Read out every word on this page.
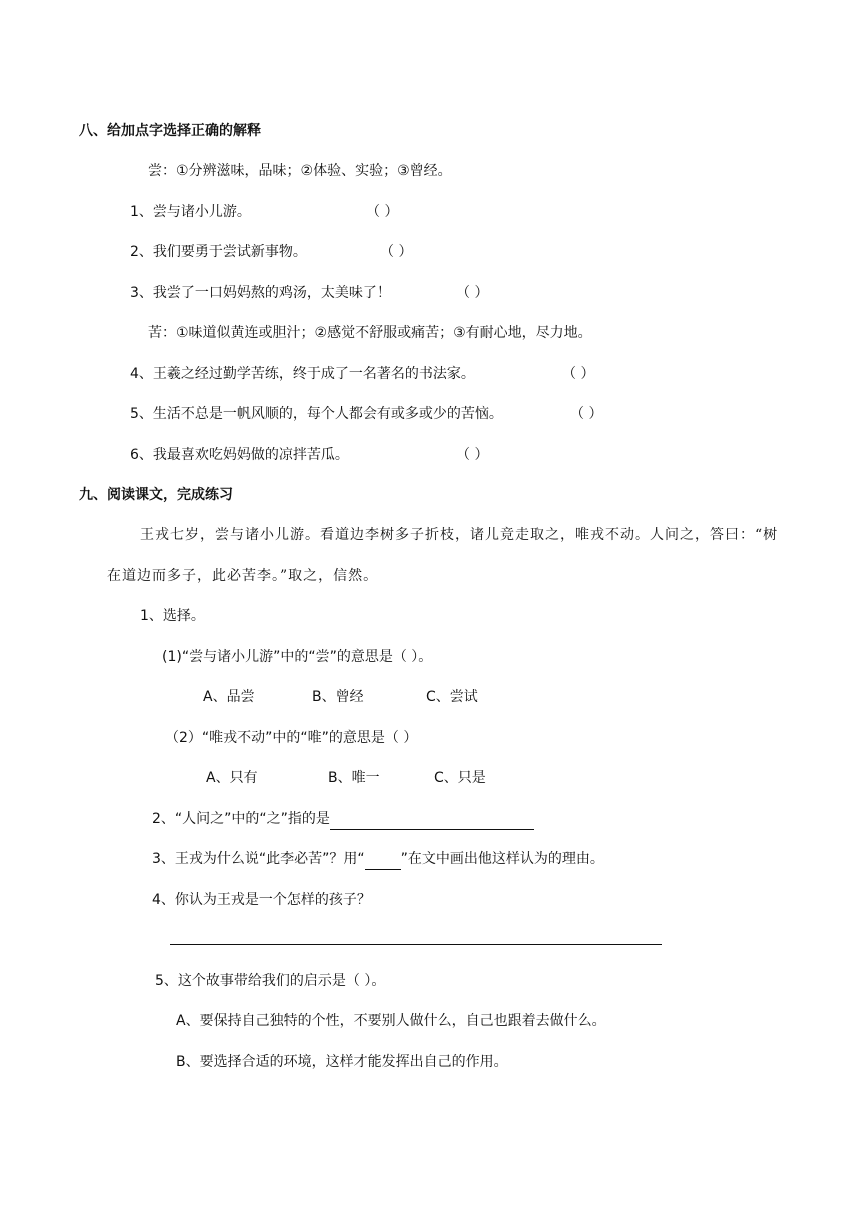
八、给加点字选择正确的解释
尝：①分辨滋味，品味；②体验、实验；③曾经。
1、尝与诸小儿游。	（ ）
2、我们要勇于尝试新事物。	（ ）
3、我尝了一口妈妈熬的鸡汤，太美味了！	（ ）
苦：①味道似黄连或胆汁；②感觉不舒服或痛苦；③有耐心地，尽力地。
4、王羲之经过勤学苦练，终于成了一名著名的书法家。	（ ）
5、生活不总是一帆风顺的，每个人都会有或多或少的苦恼。	（ ）
6、我最喜欢吃妈妈做的凉拌苦瓜。	（ ）
九、阅读课文，完成练习
王戎七岁，尝与诸小儿游。看道边李树多子折枝，诸儿竞走取之，唯戎不动。人问之，答曰：“树
在道边而多子，此必苦李。”取之，信然。
1、选择。
(1)“尝与诸小儿游”中的“尝”的意思是（ ）。
A、品尝	B、曾经	C、尝试
（2）“唯戎不动”中的“唯”的意思是（ ）
A、只有	B、唯一	C、只是
2、“人问之”中的“之”指的是
3、王戎为什么说“此李必苦”？用“	”在文中画出他这样认为的理由。
4、你认为王戎是一个怎样的孩子？
5、这个故事带给我们的启示是（ ）。
A、要保持自己独特的个性，不要别人做什么，自己也跟着去做什么。
B、要选择合适的环境，这样才能发挥出自己的作用。
